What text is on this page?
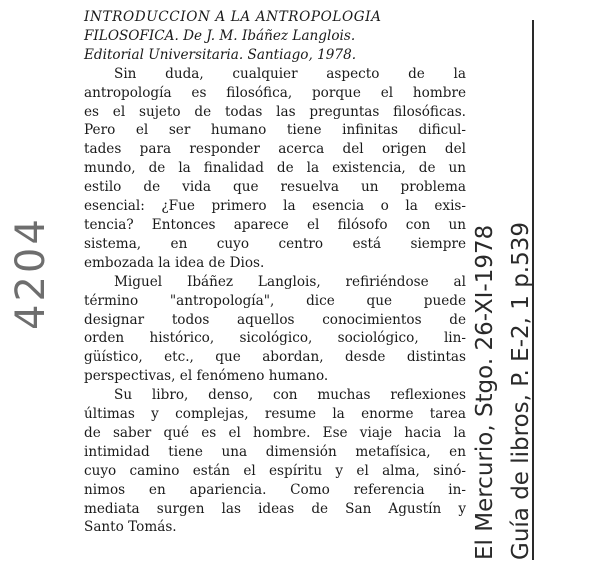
INTRODUCCION A LA ANTROPOLOGIA

FILOSOFICA. De J. M. Ibáñez Langlois.

Editorial Universitaria. Santiago, 1978.

Sin duda, cualquier aspecto de la

antropología es filosófica, porque el hombre

es el sujeto de todas las preguntas filosóficas.

Pero el ser humano tiene infinitas dificul-

tades para responder acerca del origen del

mundo, de la finalidad de la existencia, de un

estilo de vida que resuelva un problema

esencial: ¿Fue primero la esencia o la exis-

tencia? Entonces aparece el filósofo con un

sistema, en cuyo centro está siempre

embozada la idea de Dios.

Miguel Ibáñez Langlois, refiriéndose al

término "antropología", dice que puede

designar todos aquellos conocimientos de

orden histórico, sicológico, sociológico, lin-

güístico, etc., que abordan, desde distintas

perspectivas, el fenómeno humano.

Su libro, denso, con muchas reflexiones

últimas y complejas, resume la enorme tarea

de saber qué es el hombre. Ese viaje hacia la

intimidad tiene una dimensión metafísica, en

cuyo camino están el espíritu y el alma, sinó-

nimos en apariencia. Como referencia in-

mediata surgen las ideas de San Agustín y

Santo Tomás.

4204	El Mercurio, Stgo. 26-XI-1978 Guía de libros, P. E-2, 1 p.539
